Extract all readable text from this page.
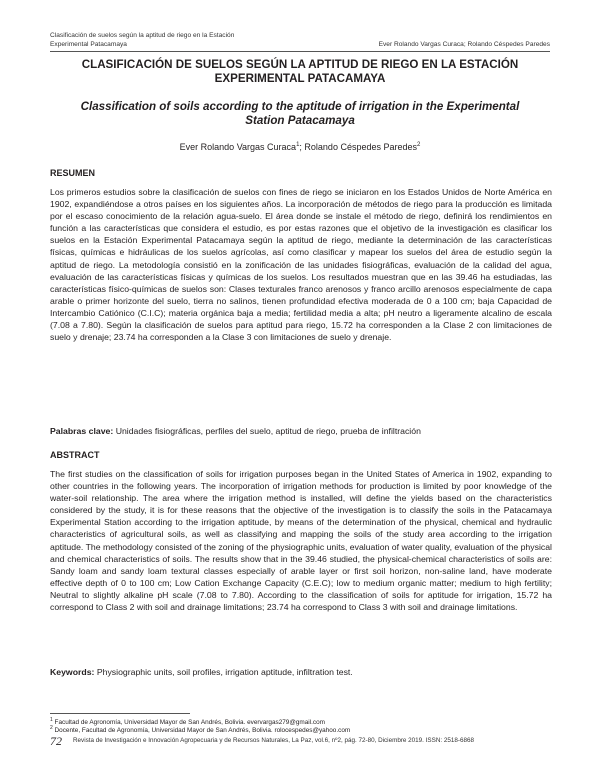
Clasificación de suelos según la aptitud de riego en la Estación
Experimental Patacamaya	Ever Rolando Vargas Curaca; Rolando Céspedes Paredes
CLASIFICACIÓN DE SUELOS SEGÚN LA APTITUD DE RIEGO EN LA ESTACIÓN EXPERIMENTAL PATACAMAYA
Classification of soils according to the aptitude of irrigation in the Experimental Station Patacamaya
Ever Rolando Vargas Curaca$^1$; Rolando Céspedes Paredes$^2$
RESUMEN

Los primeros estudios sobre la clasificación de suelos con fines de riego se iniciaron en los Estados Unidos de Norte América en 1902, expandiéndose a otros países en los siguientes años. La incorporación de métodos de riego para la producción es limitada por el escaso conocimiento de la relación agua-suelo. El área donde se instale el método de riego, definirá los rendimientos en función a las características que considera el estudio, es por estas razones que el objetivo de la investigación es clasificar los suelos en la Estación Experimental Patacamaya según la aptitud de riego, mediante la determinación de las características físicas, químicas e hidráulicas de los suelos agrícolas, así como clasificar y mapear los suelos del área de estudio según la aptitud de riego. La metodología consistió en la zonificación de las unidades fisiográficas, evaluación de la calidad del agua, evaluación de las características físicas y químicas de los suelos. Los resultados muestran que en las 39.46 ha estudiadas, las características físico-químicas de suelos son: Clases texturales franco arenosos y franco arcillo arenosos especialmente de capa arable o primer horizonte del suelo, tierra no salinos, tienen profundidad efectiva moderada de 0 a 100 cm; baja Capacidad de Intercambio Catiónico (C.I.C); materia orgánica baja a media; fertilidad media a alta; pH neutro a ligeramente alcalino de escala (7.08 a 7.80). Según la clasificación de suelos para aptitud para riego, 15.72 ha corresponden a la Clase 2 con limitaciones de suelo y drenaje; 23.74 ha corresponden a la Clase 3 con limitaciones de suelo y drenaje.

Palabras clave: Unidades fisiográficas, perfiles del suelo, aptitud de riego, prueba de infiltración
ABSTRACT

The first studies on the classification of soils for irrigation purposes began in the United States of America in 1902, expanding to other countries in the following years. The incorporation of irrigation methods for production is limited by poor knowledge of the water-soil relationship. The area where the irrigation method is installed, will define the yields based on the characteristics considered by the study, it is for these reasons that the objective of the investigation is to classify the soils in the Patacamaya Experimental Station according to the irrigation aptitude, by means of the determination of the physical, chemical and hydraulic characteristics of agricultural soils, as well as classifying and mapping the soils of the study area according to the irrigation aptitude. The methodology consisted of the zoning of the physiographic units, evaluation of water quality, evaluation of the physical and chemical characteristics of soils. The results show that in the 39.46 studied, the physical-chemical characteristics of soils are: Sandy loam and sandy loam textural classes especially of arable layer or first soil horizon, non-saline land, have moderate effective depth of 0 to 100 cm; Low Cation Exchange Capacity (C.E.C); low to medium organic matter; medium to high fertility; Neutral to slightly alkaline pH scale (7.08 to 7.80). According to the classification of soils for aptitude for irrigation, 15.72 ha correspond to Class 2 with soil and drainage limitations; 23.74 ha correspond to Class 3 with soil and drainage limitations.

Keywords: Physiographic units, soil profiles, irrigation aptitude, infiltration test.
$^1$ Facultad de Agronomía, Universidad Mayor de San Andrés, Bolivia. evervargas279@gmail.com
$^2$ Docente, Facultad de Agronomía, Universidad Mayor de San Andrés, Bolivia. rolocespedes@yahoo.com
72 Revista de Investigación e Innovación Agropecuaria y de Recursos Naturales, La Paz, vol.6, nº2, pág. 72-80, Diciembre 2019. ISSN: 2518-6868
